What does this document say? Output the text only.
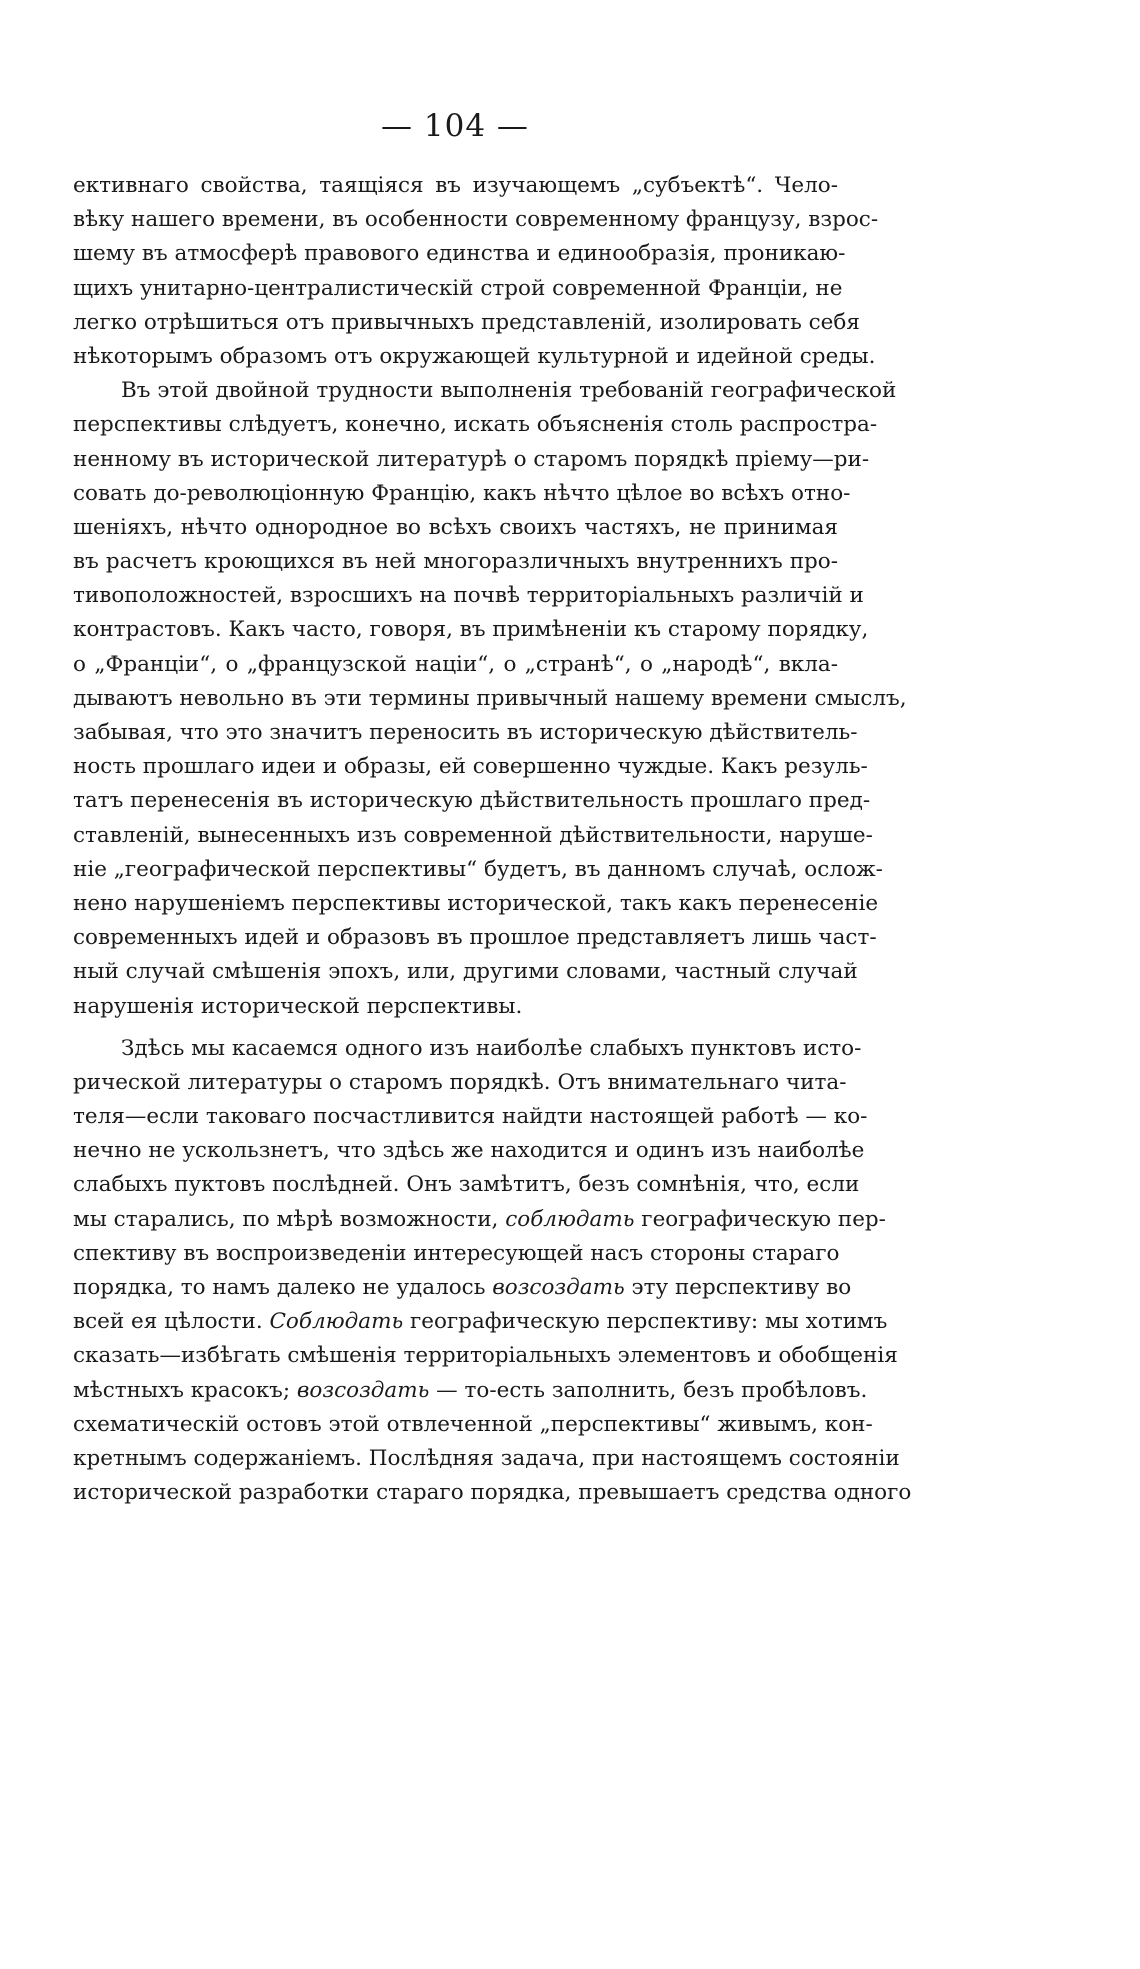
— 104 —
ективнаго свойства, таящіяся въ изучающемъ „субъектѣ“. Чело-
вѣку нашего времени, въ особенности современному французу, взрос-
шему въ атмосферѣ правового единства и единообразія, проникаю-
щихъ унитарно-централистическій строй современной Франціи, не
легко отрѣшиться отъ привычныхъ представленій, изолировать себя
нѣкоторымъ образомъ отъ окружающей культурной и идейной среды.
Въ этой двойной трудности выполненія требованій географической
перспективы слѣдуетъ, конечно, искать объясненія столь распростра-
ненному въ исторической литературѣ о старомъ порядкѣ пріему—ри-
совать до-революціонную Францію, какъ нѣчто цѣлое во всѣхъ отно-
шеніяхъ, нѣчто однородное во всѣхъ своихъ частяхъ, не принимая
въ расчетъ кроющихся въ ней многоразличныхъ внутреннихъ про-
тивоположностей, взросшихъ на почвѣ территоріальныхъ различій и
контрастовъ. Какъ часто, говоря, въ примѣненіи къ старому порядку,
о „Франціи“, о „французской націи“, о „странѣ“, о „народѣ“, вкла-
дываютъ невольно въ эти термины привычный нашему времени смыслъ,
забывая, что это значитъ переносить въ историческую дѣйствитель-
ность прошлаго идеи и образы, ей совершенно чуждые. Какъ резуль-
татъ перенесенія въ историческую дѣйствительность прошлаго пред-
ставленій, вынесенныхъ изъ современной дѣйствительности, наруше-
ніе „географической перспективы“ будетъ, въ данномъ случаѣ, ослож-
нено нарушеніемъ перспективы исторической, такъ какъ перенесеніе
современныхъ идей и образовъ въ прошлое представляетъ лишь част-
ный случай смѣшенія эпохъ, или, другими словами, частный случай
нарушенія исторической перспективы.
Здѣсь мы касаемся одного изъ наиболѣе слабыхъ пунктовъ исто-
рической литературы о старомъ порядкѣ. Отъ внимательнаго чита-
теля—если таковаго посчастливится найдти настоящей работѣ — ко-
нечно не ускользнетъ, что здѣсь же находится и одинъ изъ наиболѣе
слабыхъ пуктовъ послѣдней. Онъ замѣтитъ, безъ сомнѣнія, что, если
мы старались, по мѣрѣ возможности, соблюдать географическую пер-
спективу въ воспроизведеніи интересующей насъ стороны стараго
порядка, то намъ далеко не удалось возсоздать эту перспективу во
всей ея цѣлости. Соблюдать географическую перспективу: мы хотимъ
сказать—избѣгать смѣшенія территоріальныхъ элементовъ и обобщенія
мѣстныхъ красокъ; возсоздать — то-есть заполнить, безъ пробѣловъ.
схематическій остовъ этой отвлеченной „перспективы“ живымъ, кон-
кретнымъ содержаніемъ. Послѣдняя задача, при настоящемъ состояніи
исторической разработки стараго порядка, превышаетъ средства одного
